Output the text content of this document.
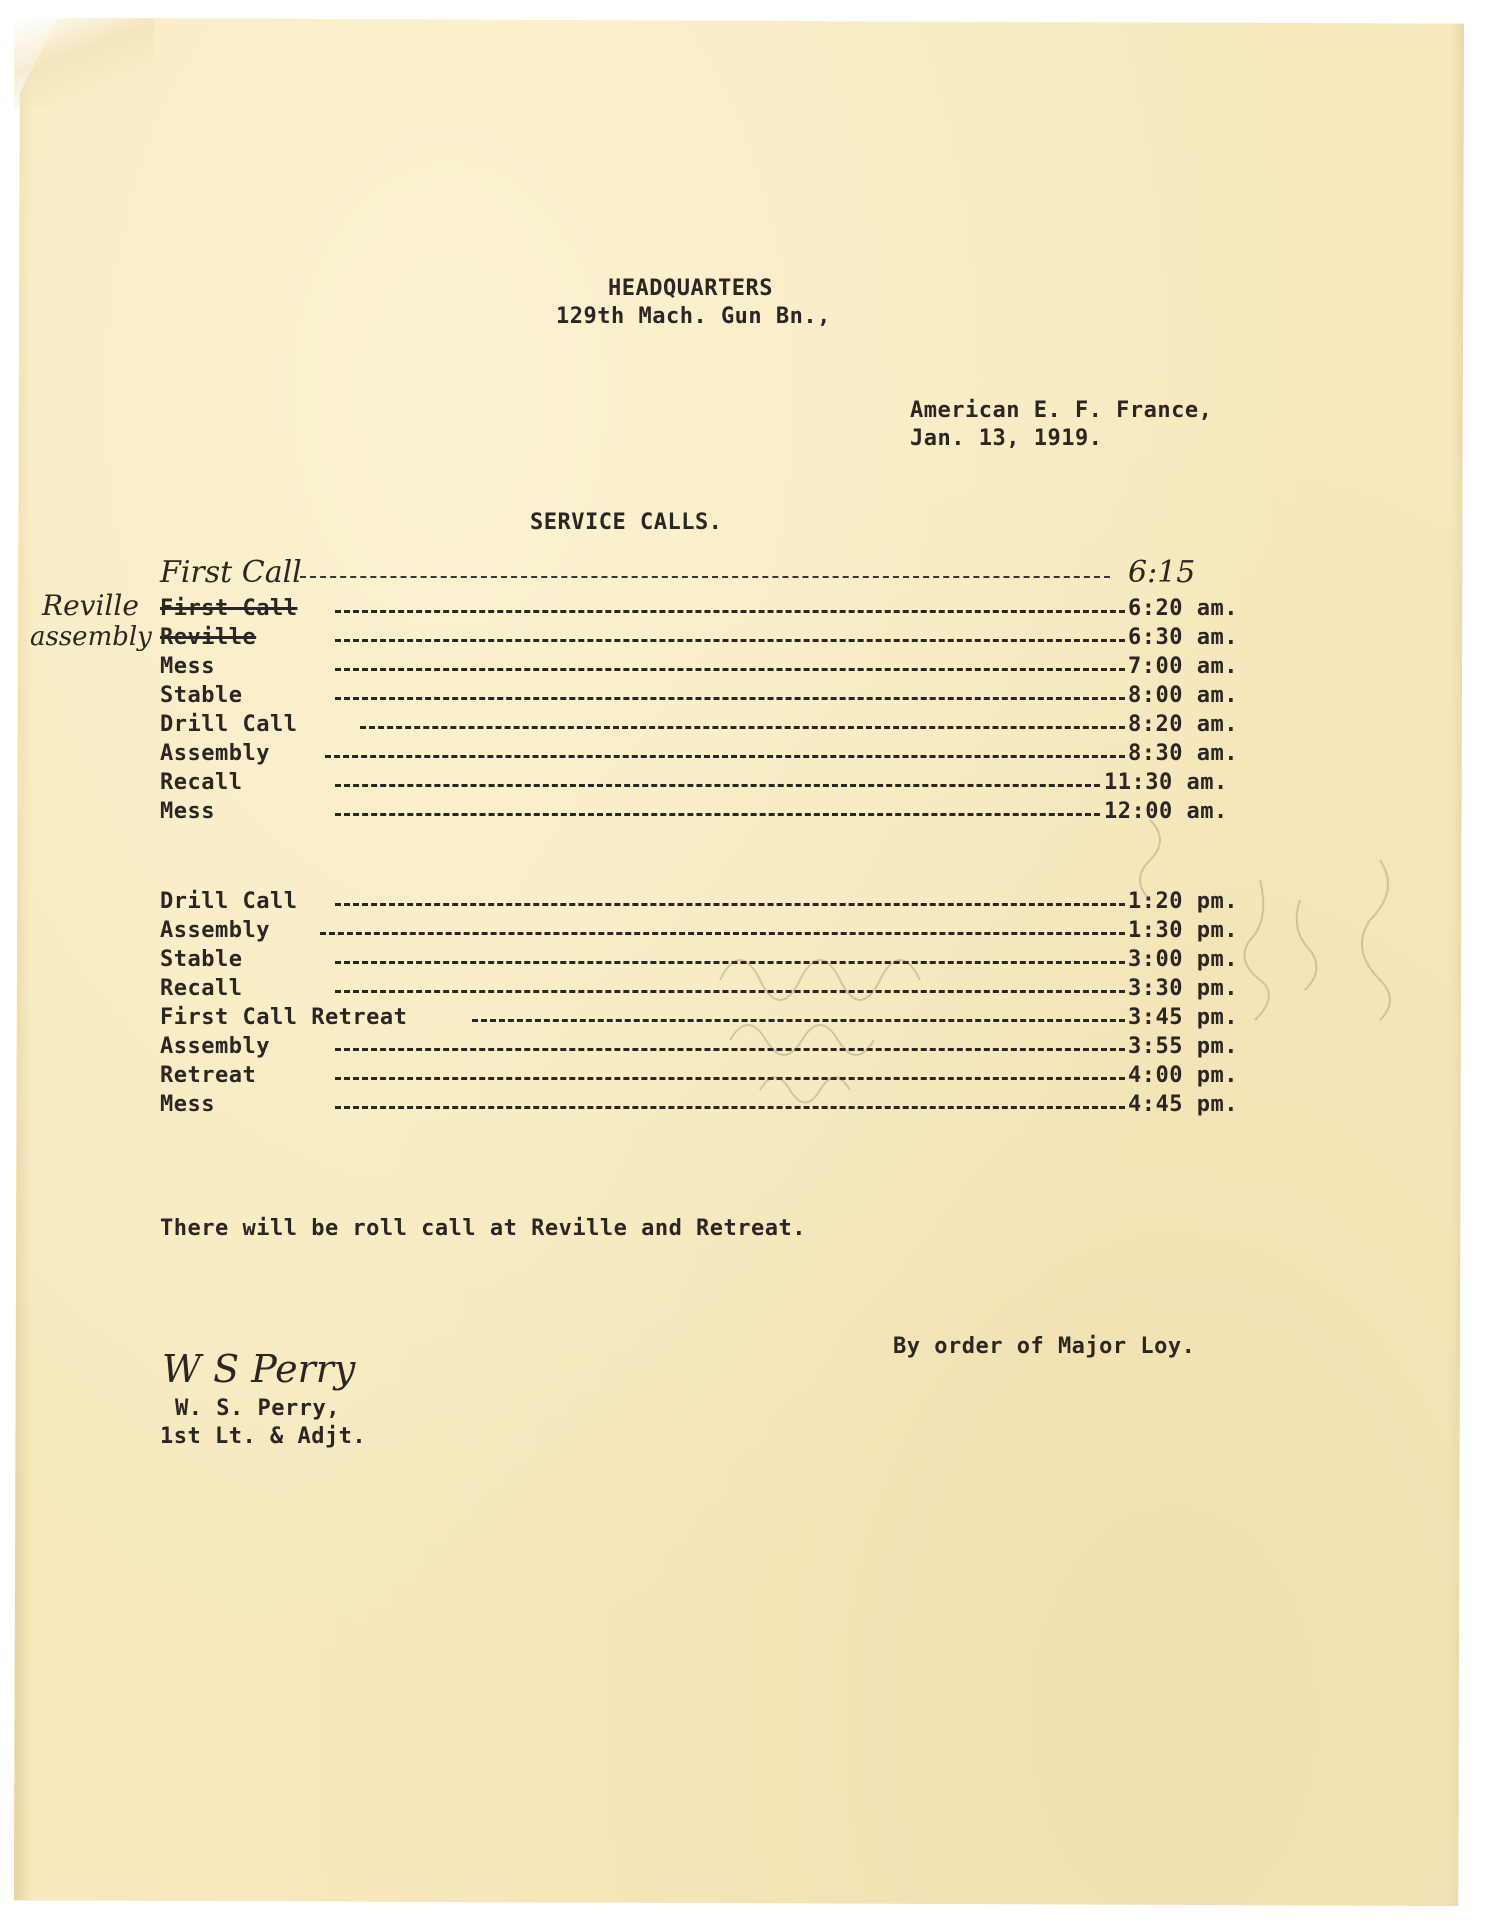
HEADQUARTERS
129th Mach. Gun Bn.,
American E. F. France,
Jan. 13, 1919.
SERVICE CALLS.
First Call	6:15
Reville
assembly
First Call	6:20 am.
Reville	6:30 am.
Mess	7:00 am.
Stable	8:00 am.
Drill Call	8:20 am.
Assembly	8:30 am.
Recall	11:30 am.
Mess	12:00 am.
Drill Call	1:20 pm.
Assembly	1:30 pm.
Stable	3:00 pm.
Recall	3:30 pm.
First Call Retreat	3:45 pm.
Assembly	3:55 pm.
Retreat	4:00 pm.
Mess	4:45 pm.
There will be roll call at Reville and Retreat.
By order of Major Loy.
W S Perry
W. S. Perry,
1st Lt. & Adjt.
